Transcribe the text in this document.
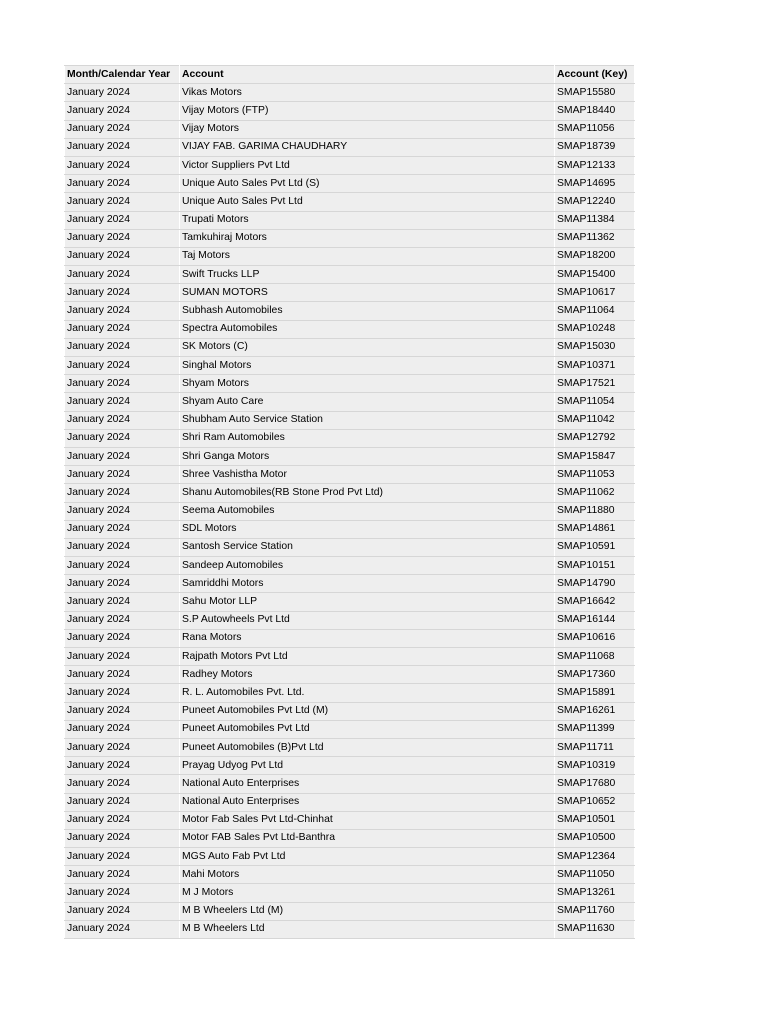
Month/Calendar Year	Account	Account (Key)
January 2024	Vikas Motors	SMAP15580
January 2024	Vijay Motors (FTP)	SMAP18440
January 2024	Vijay Motors	SMAP11056
January 2024	VIJAY FAB. GARIMA CHAUDHARY	SMAP18739
January 2024	Victor Suppliers Pvt Ltd	SMAP12133
January 2024	Unique Auto Sales Pvt Ltd (S)	SMAP14695
January 2024	Unique Auto Sales Pvt Ltd	SMAP12240
January 2024	Trupati Motors	SMAP11384
January 2024	Tamkuhiraj Motors	SMAP11362
January 2024	Taj Motors	SMAP18200
January 2024	Swift Trucks LLP	SMAP15400
January 2024	SUMAN MOTORS	SMAP10617
January 2024	Subhash Automobiles	SMAP11064
January 2024	Spectra Automobiles	SMAP10248
January 2024	SK Motors (C)	SMAP15030
January 2024	Singhal Motors	SMAP10371
January 2024	Shyam Motors	SMAP17521
January 2024	Shyam Auto Care	SMAP11054
January 2024	Shubham Auto Service Station	SMAP11042
January 2024	Shri Ram Automobiles	SMAP12792
January 2024	Shri Ganga Motors	SMAP15847
January 2024	Shree Vashistha Motor	SMAP11053
January 2024	Shanu Automobiles(RB Stone Prod Pvt Ltd)	SMAP11062
January 2024	Seema Automobiles	SMAP11880
January 2024	SDL Motors	SMAP14861
January 2024	Santosh Service Station	SMAP10591
January 2024	Sandeep Automobiles	SMAP10151
January 2024	Samriddhi Motors	SMAP14790
January 2024	Sahu Motor LLP	SMAP16642
January 2024	S.P Autowheels Pvt Ltd	SMAP16144
January 2024	Rana Motors	SMAP10616
January 2024	Rajpath Motors Pvt Ltd	SMAP11068
January 2024	Radhey Motors	SMAP17360
January 2024	R. L. Automobiles Pvt. Ltd.	SMAP15891
January 2024	Puneet Automobiles Pvt Ltd (M)	SMAP16261
January 2024	Puneet Automobiles Pvt Ltd	SMAP11399
January 2024	Puneet Automobiles (B)Pvt Ltd	SMAP11711
January 2024	Prayag Udyog Pvt Ltd	SMAP10319
January 2024	National Auto Enterprises	SMAP17680
January 2024	National Auto Enterprises	SMAP10652
January 2024	Motor Fab Sales Pvt Ltd-Chinhat	SMAP10501
January 2024	Motor FAB Sales Pvt Ltd-Banthra	SMAP10500
January 2024	MGS Auto Fab Pvt Ltd	SMAP12364
January 2024	Mahi Motors	SMAP11050
January 2024	M J Motors	SMAP13261
January 2024	M B Wheelers Ltd (M)	SMAP11760
January 2024	M B Wheelers Ltd	SMAP11630
